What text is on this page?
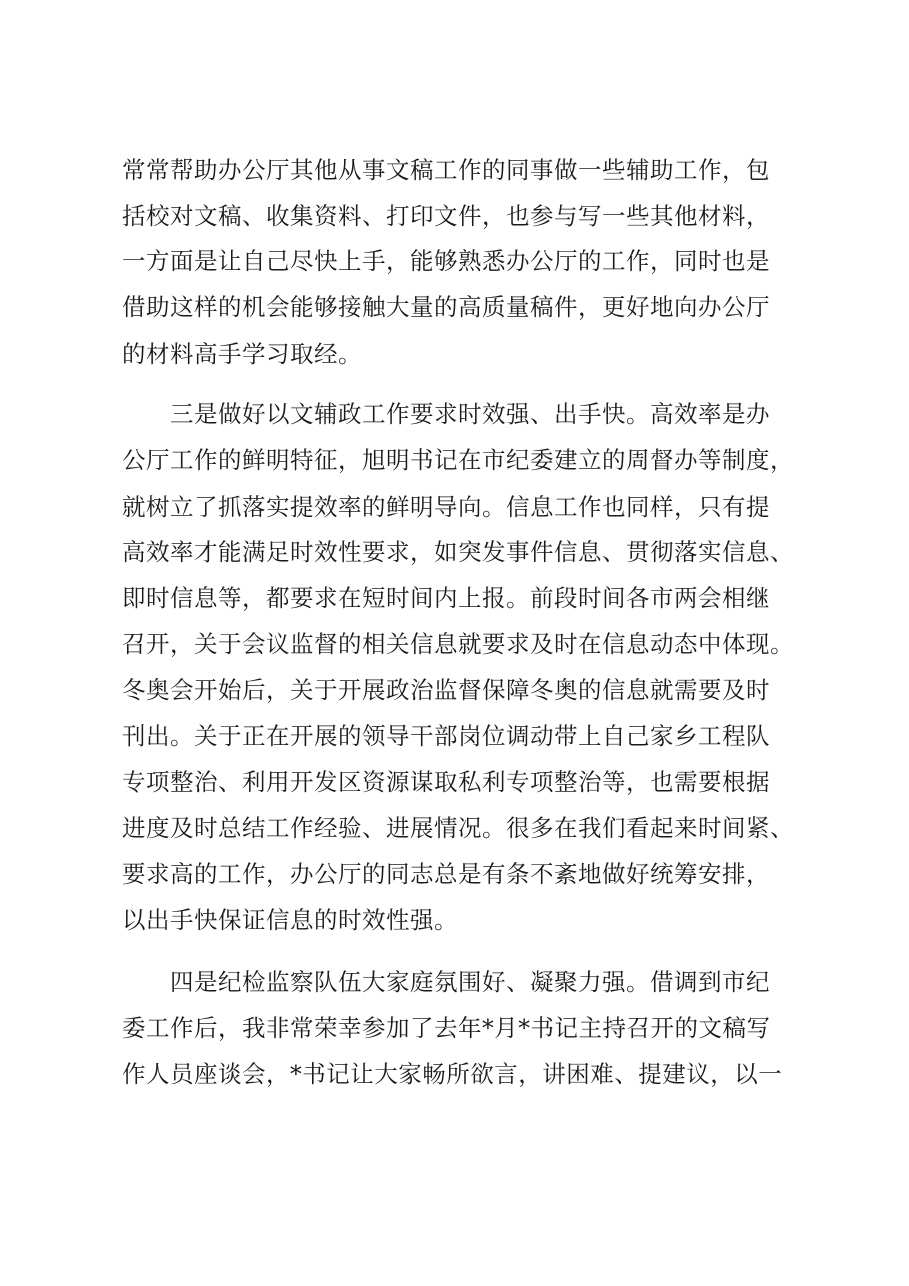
常常帮助办公厅其他从事文稿工作的同事做一些辅助工作，包
括校对文稿、收集资料、打印文件，也参与写一些其他材料，
一方面是让自己尽快上手，能够熟悉办公厅的工作，同时也是
借助这样的机会能够接触大量的高质量稿件，更好地向办公厅
的材料高手学习取经。
三是做好以文辅政工作要求时效强、出手快。高效率是办
公厅工作的鲜明特征，旭明书记在市纪委建立的周督办等制度，
就树立了抓落实提效率的鲜明导向。信息工作也同样，只有提
高效率才能满足时效性要求，如突发事件信息、贯彻落实信息、
即时信息等，都要求在短时间内上报。前段时间各市两会相继
召开，关于会议监督的相关信息就要求及时在信息动态中体现。
冬奥会开始后，关于开展政治监督保障冬奥的信息就需要及时
刊出。关于正在开展的领导干部岗位调动带上自己家乡工程队
专项整治、利用开发区资源谋取私利专项整治等，也需要根据
进度及时总结工作经验、进展情况。很多在我们看起来时间紧、
要求高的工作，办公厅的同志总是有条不紊地做好统筹安排，
以出手快保证信息的时效性强。
四是纪检监察队伍大家庭氛围好、凝聚力强。借调到市纪
委工作后，我非常荣幸参加了去年*月*书记主持召开的文稿写
作人员座谈会，*书记让大家畅所欲言，讲困难、提建议，以一
